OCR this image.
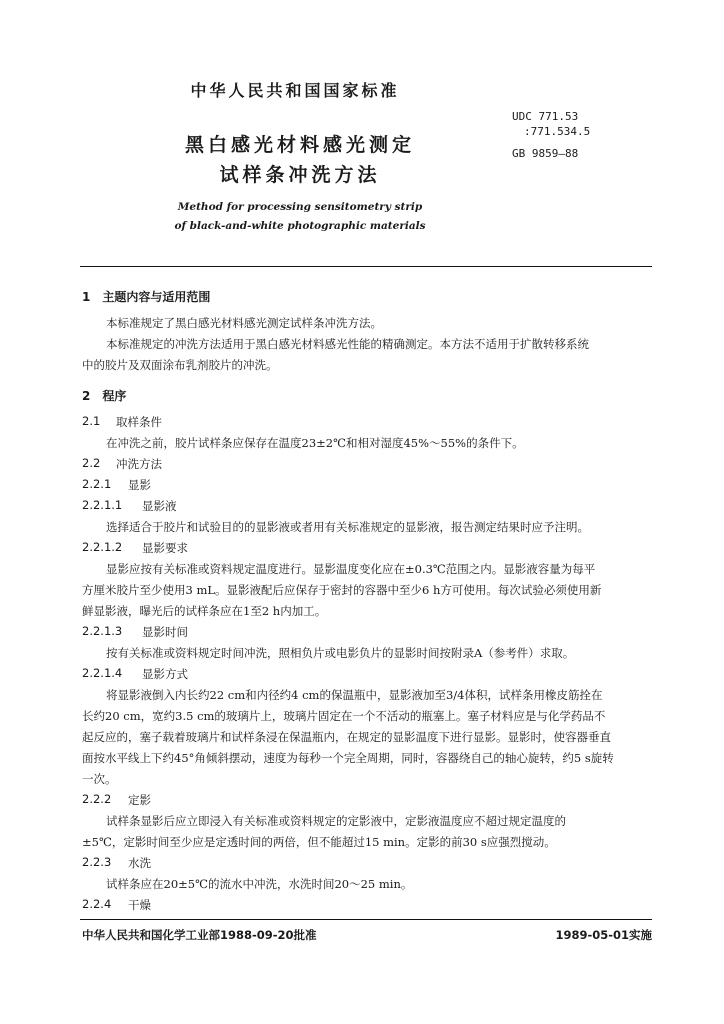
中华人民共和国国家标准
UDC 771.53
:771.534.5
GB 9859—88
黑白感光材料感光测定
试样条冲洗方法
Method for processing sensitometry strip
of black-and-white photographic materials
1　主题内容与适用范围
本标准规定了黑白感光材料感光测定试样条冲洗方法。
本标准规定的冲洗方法适用于黑白感光材料感光性能的精确测定。本方法不适用于扩散转移系统
中的胶片及双面涂布乳剂胶片的冲洗。
2　程序
2.1 取样条件
在冲洗之前，胶片试样条应保存在温度23±2℃和相对湿度45%～55%的条件下。
2.2 冲洗方法
2.2.1 显影
2.2.1.1 显影液
选择适合于胶片和试验目的的显影液或者用有关标准规定的显影液，报告测定结果时应予注明。
2.2.1.2 显影要求
显影应按有关标准或资料规定温度进行。显影温度变化应在±0.3℃范围之内。显影液容量为每平
方厘米胶片至少使用3 mL。显影液配后应保存于密封的容器中至少6 h方可使用。每次试验必须使用新
鲜显影液，曝光后的试样条应在1至2 h内加工。
2.2.1.3 显影时间
按有关标准或资料规定时间冲洗，照相负片或电影负片的显影时间按附录A（参考件）求取。
2.2.1.4 显影方式
将显影液倒入内长约22 cm和内径约4 cm的保温瓶中，显影液加至3/4体积，试样条用橡皮筋拴在
长约20 cm，宽约3.5 cm的玻璃片上，玻璃片固定在一个不活动的瓶塞上。塞子材料应是与化学药品不
起反应的，塞子载着玻璃片和试样条浸在保温瓶内，在规定的显影温度下进行显影。显影时，使容器垂直
面按水平线上下约45°角倾斜摆动，速度为每秒一个完全周期，同时，容器绕自己的轴心旋转，约5 s旋转
一次。
2.2.2 定影
试样条显影后应立即浸入有关标准或资料规定的定影液中，定影液温度应不超过规定温度的
±5℃，定影时间至少应是定透时间的两倍，但不能超过15 min。定影的前30 s应强烈搅动。
2.2.3 水洗
试样条应在20±5℃的流水中冲洗，水洗时间20～25 min。
2.2.4 干燥
中华人民共和国化学工业部1988-09-20批准	1989-05-01实施
